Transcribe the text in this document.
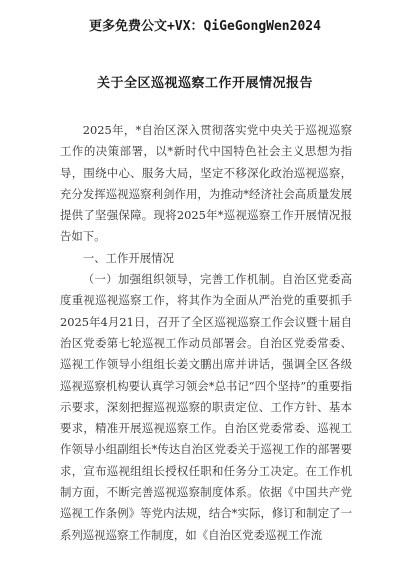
更多免费公文+VX：QiGeGongWen2024
关于全区巡视巡察工作开展情况报告

2025年，*自治区深入贯彻落实党中央关于巡视巡察工作的决策部署，以*新时代中国特色社会主义思想为指导，围绕中心、服务大局，坚定不移深化政治巡视巡察，充分发挥巡视巡察利剑作用，为推动*经济社会高质量发展提供了坚强保障。现将2025年*巡视巡察工作开展情况报告如下。

一、工作开展情况

（一）加强组织领导，完善工作机制。自治区党委高度重视巡视巡察工作，将其作为全面从严治党的重要抓手2025年4月21日，召开了全区巡视巡察工作会议暨十届自治区党委第七轮巡视工作动员部署会。自治区党委常委、巡视工作领导小组组长姜文鹏出席并讲话，强调全区各级巡视巡察机构要认真学习领会*总书记“四个坚持”的重要指示要求，深刻把握巡视巡察的职责定位、工作方针、基本要求，精准开展巡视巡察工作。自治区党委常委、巡视工作领导小组副组长*传达自治区党委关于巡视工作的部署要求，宣布巡视组组长授权任职和任务分工决定。在工作机制方面，不断完善巡视巡察制度体系。依据《中国共产党巡视工作条例》等党内法规，结合*实际，修订和制定了一系列巡视巡察工作制度，如《自治区党委巡视工作流
